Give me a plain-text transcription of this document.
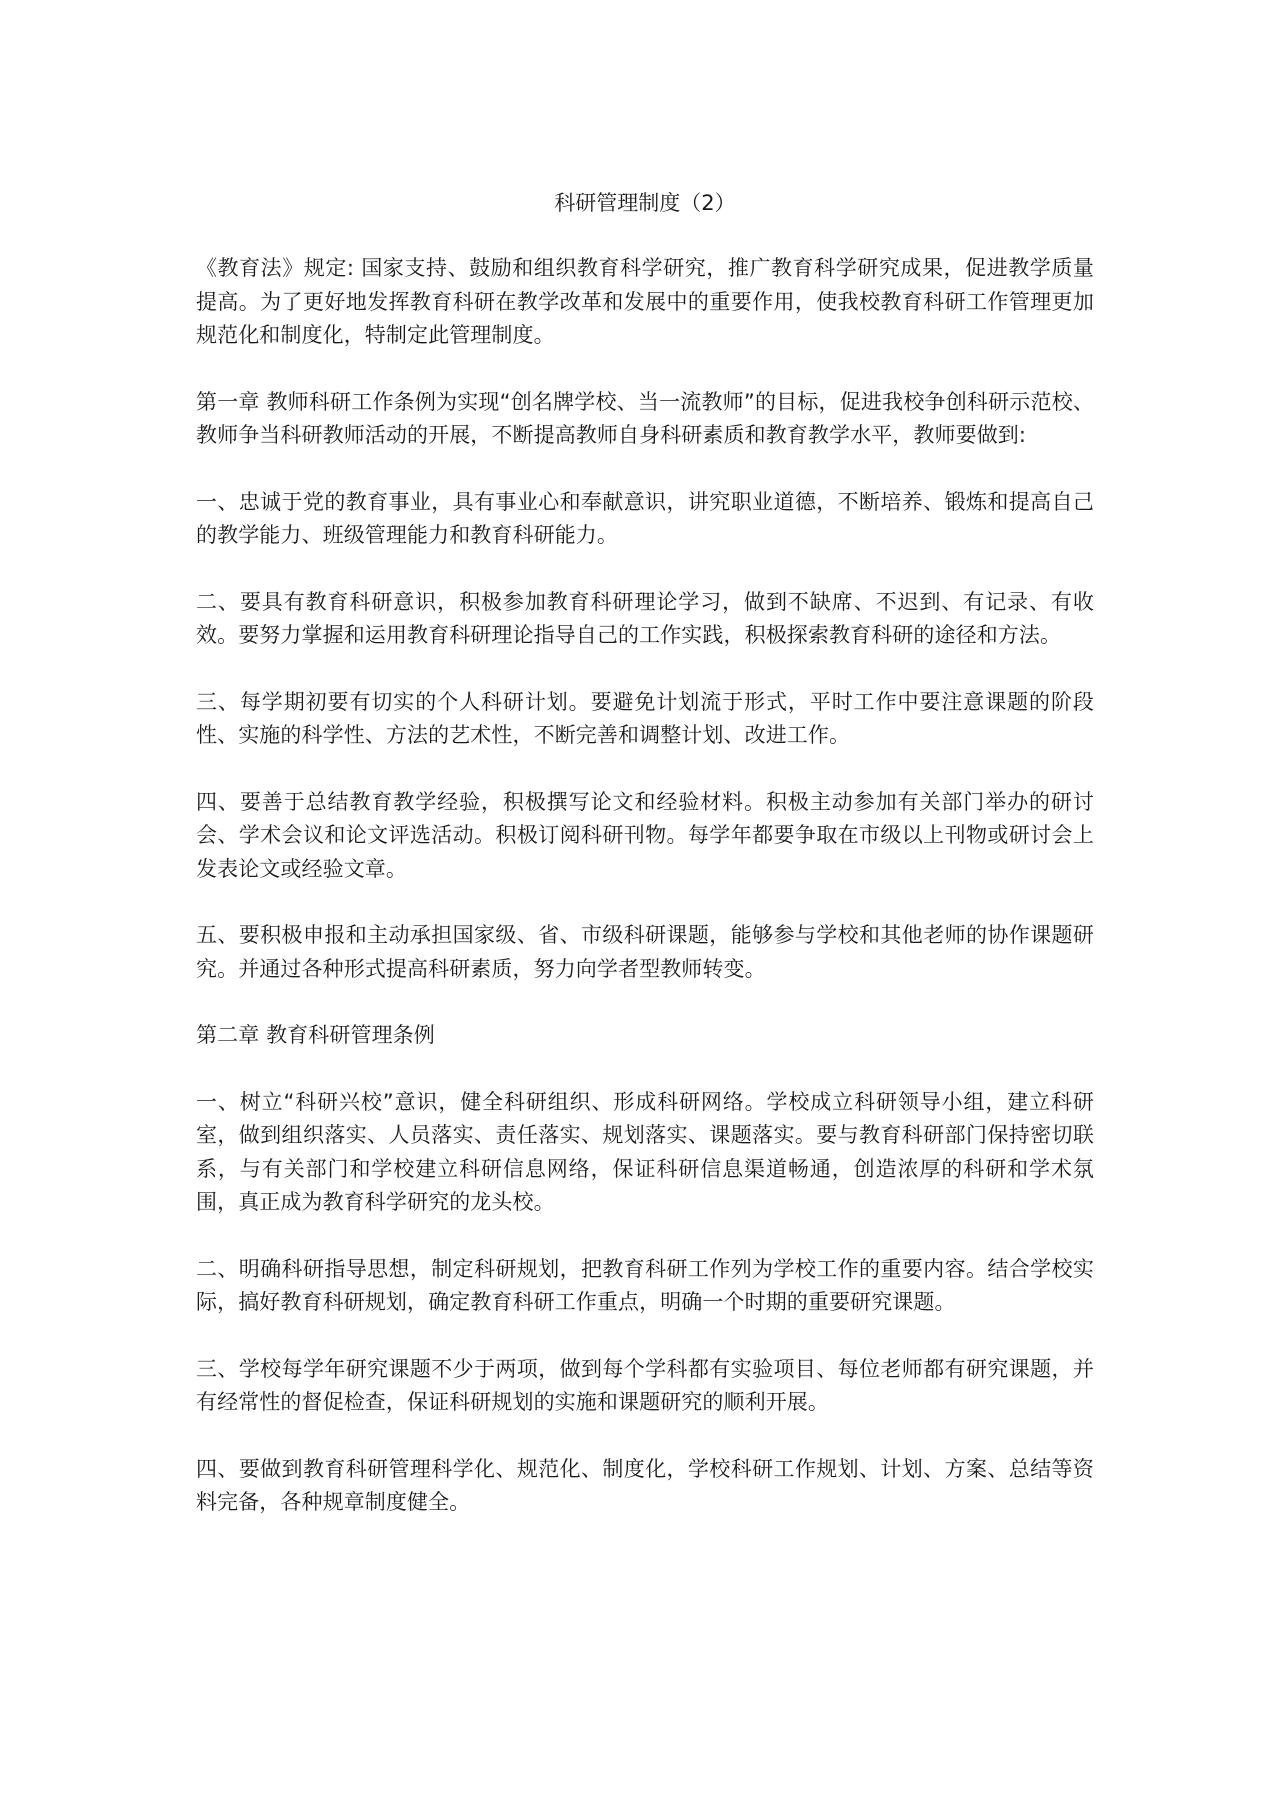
科研管理制度（2）

《教育法》规定: 国家支持、鼓励和组织教育科学研究，推广教育科学研究成果，促进教学质量提高。为了更好地发挥教育科研在教学改革和发展中的重要作用，使我校教育科研工作管理更加规范化和制度化，特制定此管理制度。

第一章 教师科研工作条例为实现“创名牌学校、当一流教师”的目标，促进我校争创科研示范校、教师争当科研教师活动的开展，不断提高教师自身科研素质和教育教学水平，教师要做到:

一、忠诚于党的教育事业，具有事业心和奉献意识，讲究职业道德，不断培养、锻炼和提高自己的教学能力、班级管理能力和教育科研能力。

二、要具有教育科研意识，积极参加教育科研理论学习，做到不缺席、不迟到、有记录、有收效。要努力掌握和运用教育科研理论指导自己的工作实践，积极探索教育科研的途径和方法。

三、每学期初要有切实的个人科研计划。要避免计划流于形式，平时工作中要注意课题的阶段性、实施的科学性、方法的艺术性，不断完善和调整计划、改进工作。

四、要善于总结教育教学经验，积极撰写论文和经验材料。积极主动参加有关部门举办的研讨会、学术会议和论文评选活动。积极订阅科研刊物。每学年都要争取在市级以上刊物或研讨会上发表论文或经验文章。

五、要积极申报和主动承担国家级、省、市级科研课题，能够参与学校和其他老师的协作课题研究。并通过各种形式提高科研素质，努力向学者型教师转变。

第二章 教育科研管理条例

一、树立“科研兴校”意识，健全科研组织、形成科研网络。学校成立科研领导小组，建立科研室，做到组织落实、人员落实、责任落实、规划落实、课题落实。要与教育科研部门保持密切联系，与有关部门和学校建立科研信息网络，保证科研信息渠道畅通，创造浓厚的科研和学术氛围，真正成为教育科学研究的龙头校。

二、明确科研指导思想，制定科研规划，把教育科研工作列为学校工作的重要内容。结合学校实际，搞好教育科研规划，确定教育科研工作重点，明确一个时期的重要研究课题。

三、学校每学年研究课题不少于两项，做到每个学科都有实验项目、每位老师都有研究课题，并有经常性的督促检查，保证科研规划的实施和课题研究的顺利开展。

四、要做到教育科研管理科学化、规范化、制度化，学校科研工作规划、计划、方案、总结等资料完备，各种规章制度健全。
